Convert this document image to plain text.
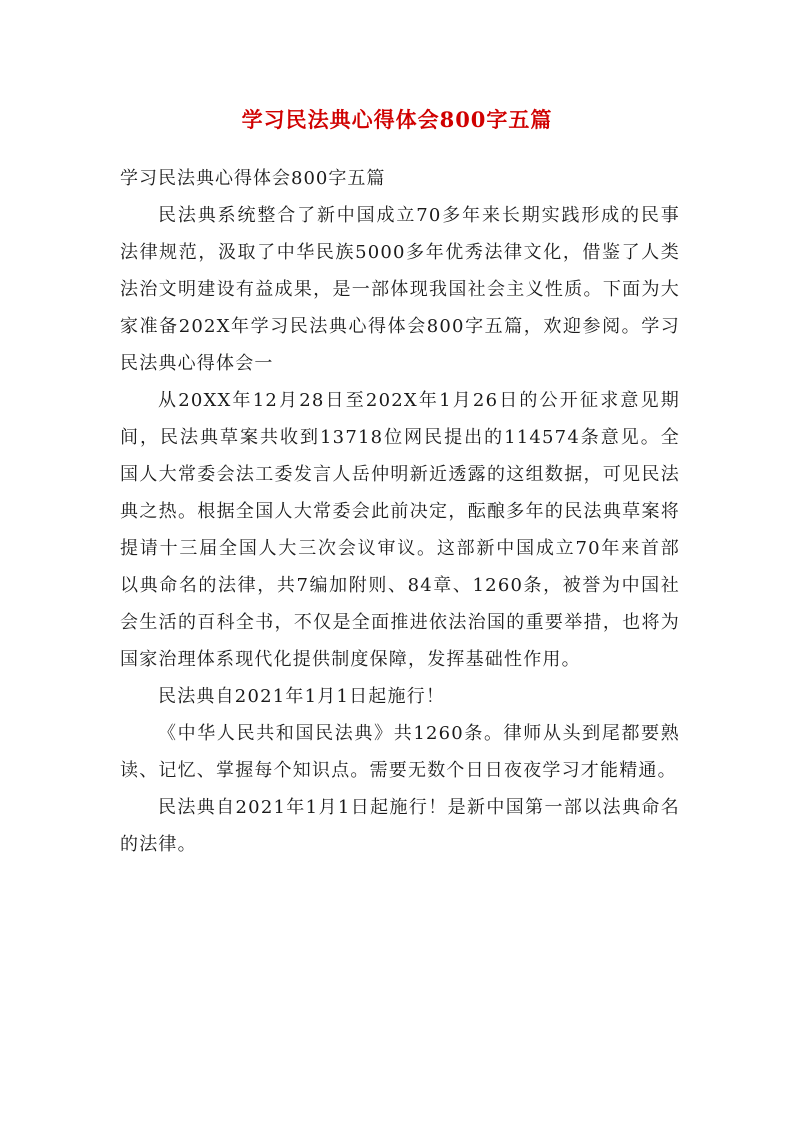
学习民法典心得体会800字五篇

学习民法典心得体会800字五篇

民法典系统整合了新中国成立70多年来长期实践形成的民事法律规范，汲取了中华民族5000多年优秀法律文化，借鉴了人类法治文明建设有益成果，是一部体现我国社会主义性质。下面为大家准备202X年学习民法典心得体会800字五篇，欢迎参阅。学习民法典心得体会一

从20XX年12月28日至202X年1月26日的公开征求意见期间，民法典草案共收到13718位网民提出的114574条意见。全国人大常委会法工委发言人岳仲明新近透露的这组数据，可见民法典之热。根据全国人大常委会此前决定，酝酿多年的民法典草案将提请十三届全国人大三次会议审议。这部新中国成立70年来首部以典命名的法律，共7编加附则、84章、1260条，被誉为中国社会生活的百科全书，不仅是全面推进依法治国的重要举措，也将为国家治理体系现代化提供制度保障，发挥基础性作用。

民法典自2021年1月1日起施行！

《中华人民共和国民法典》共1260条。律师从头到尾都要熟读、记忆、掌握每个知识点。需要无数个日日夜夜学习才能精通。

民法典自2021年1月1日起施行！是新中国第一部以法典命名的法律。
